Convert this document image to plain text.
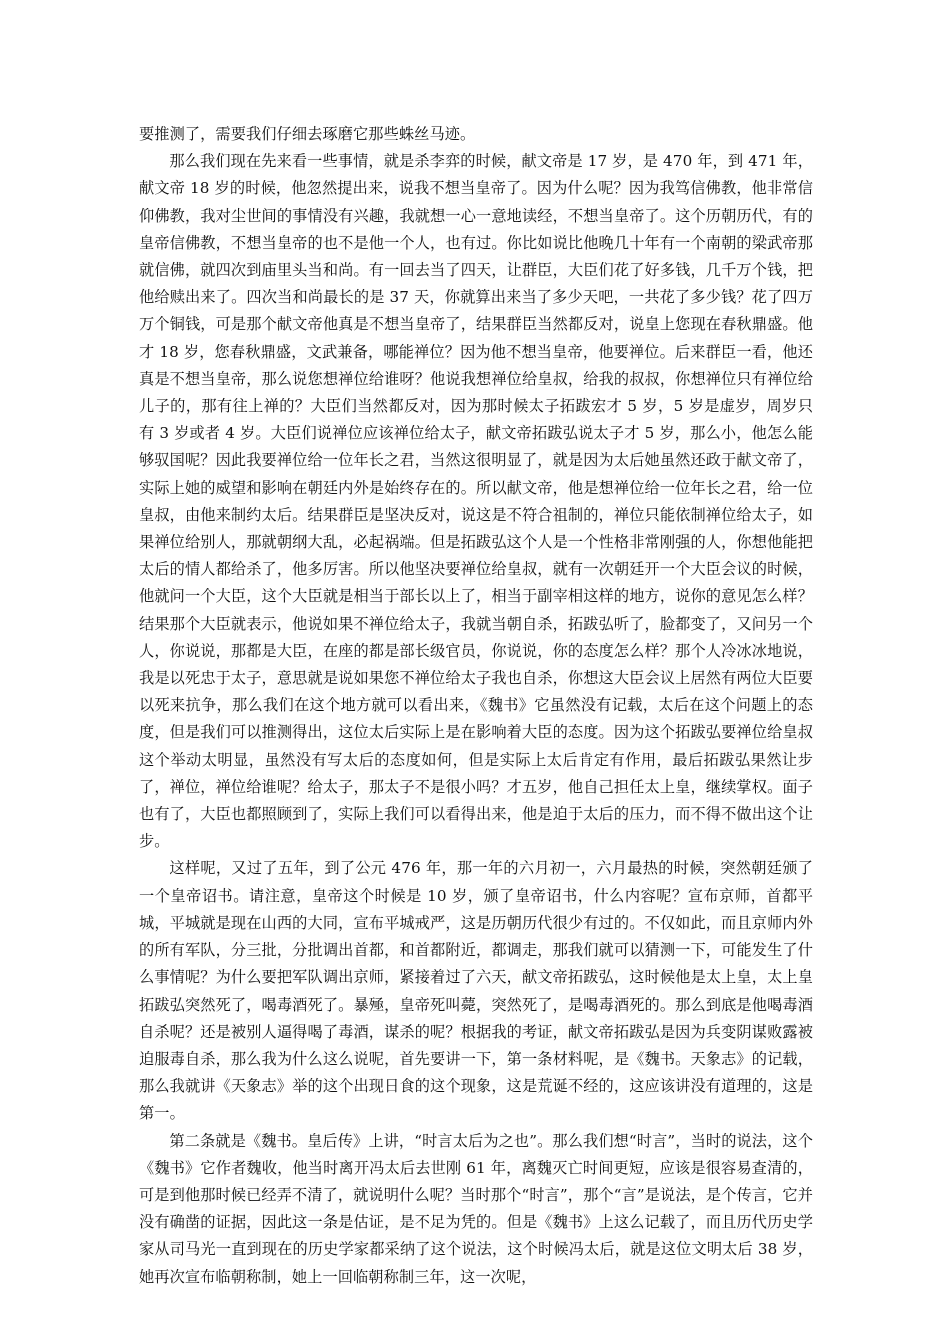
要推测了，需要我们仔细去琢磨它那些蛛丝马迹。

那么我们现在先来看一些事情，就是杀李弈的时候，献文帝是 17 岁，是 470 年，到 471 年，献文帝 18 岁的时候，他忽然提出来，说我不想当皇帝了。因为什么呢？因为我笃信佛教，他非常信仰佛教，我对尘世间的事情没有兴趣，我就想一心一意地读经，不想当皇帝了。这个历朝历代，有的皇帝信佛教，不想当皇帝的也不是他一个人，也有过。你比如说比他晚几十年有一个南朝的梁武帝那就信佛，就四次到庙里头当和尚。有一回去当了四天，让群臣，大臣们花了好多钱，几千万个钱，把他给赎出来了。四次当和尚最长的是 37 天，你就算出来当了多少天吧，一共花了多少钱？花了四万万个铜钱，可是那个献文帝他真是不想当皇帝了，结果群臣当然都反对，说皇上您现在春秋鼎盛。他才 18 岁，您春秋鼎盛，文武兼备，哪能禅位？因为他不想当皇帝，他要禅位。后来群臣一看，他还真是不想当皇帝，那么说您想禅位给谁呀？他说我想禅位给皇叔，给我的叔叔，你想禅位只有禅位给儿子的，那有往上禅的？大臣们当然都反对，因为那时候太子拓跋宏才 5 岁，5 岁是虚岁，周岁只有 3 岁或者 4 岁。大臣们说禅位应该禅位给太子，献文帝拓跋弘说太子才 5 岁，那么小，他怎么能够驭国呢？因此我要禅位给一位年长之君，当然这很明显了，就是因为太后她虽然还政于献文帝了，实际上她的威望和影响在朝廷内外是始终存在的。所以献文帝，他是想禅位给一位年长之君，给一位皇叔，由他来制约太后。结果群臣是坚决反对，说这是不符合祖制的，禅位只能依制禅位给太子，如果禅位给别人，那就朝纲大乱，必起祸端。但是拓跋弘这个人是一个性格非常刚强的人，你想他能把太后的情人都给杀了，他多厉害。所以他坚决要禅位给皇叔，就有一次朝廷开一个大臣会议的时候，他就问一个大臣，这个大臣就是相当于部长以上了，相当于副宰相这样的地方，说你的意见怎么样？结果那个大臣就表示，他说如果不禅位给太子，我就当朝自杀，拓跋弘听了，脸都变了，又问另一个人，你说说，那都是大臣，在座的都是部长级官员，你说说，你的态度怎么样？那个人冷冰冰地说，我是以死忠于太子，意思就是说如果您不禅位给太子我也自杀，你想这大臣会议上居然有两位大臣要以死来抗争，那么我们在这个地方就可以看出来，《魏书》它虽然没有记载，太后在这个问题上的态度，但是我们可以推测得出，这位太后实际上是在影响着大臣的态度。因为这个拓跋弘要禅位给皇叔这个举动太明显，虽然没有写太后的态度如何，但是实际上太后肯定有作用，最后拓跋弘果然让步了，禅位，禅位给谁呢？给太子，那太子不是很小吗？才五岁，他自己担任太上皇，继续掌权。面子也有了，大臣也都照顾到了，实际上我们可以看得出来，他是迫于太后的压力，而不得不做出这个让步。

这样呢，又过了五年，到了公元 476 年，那一年的六月初一，六月最热的时候，突然朝廷颁了一个皇帝诏书。请注意，皇帝这个时候是 10 岁，颁了皇帝诏书，什么内容呢？宣布京师，首都平城，平城就是现在山西的大同，宣布平城戒严，这是历朝历代很少有过的。不仅如此，而且京师内外的所有军队，分三批，分批调出首都，和首都附近，都调走，那我们就可以猜测一下，可能发生了什么事情呢？为什么要把军队调出京师，紧接着过了六天，献文帝拓跋弘，这时候他是太上皇，太上皇拓跋弘突然死了，喝毒酒死了。暴殛，皇帝死叫薨，突然死了，是喝毒酒死的。那么到底是他喝毒酒自杀呢？还是被别人逼得喝了毒酒，谋杀的呢？根据我的考证，献文帝拓跋弘是因为兵变阴谋败露被迫服毒自杀，那么我为什么这么说呢，首先要讲一下，第一条材料呢，是《魏书。天象志》的记载，那么我就讲《天象志》举的这个出现日食的这个现象，这是荒诞不经的，这应该讲没有道理的，这是第一。

第二条就是《魏书。皇后传》上讲，“时言太后为之也”。那么我们想“时言”，当时的说法，这个《魏书》它作者魏收，他当时离开冯太后去世刚 61 年，离魏灭亡时间更短，应该是很容易查清的，可是到他那时候已经弄不清了，就说明什么呢？当时那个“时言”，那个“言”是说法，是个传言，它并没有确凿的证据，因此这一条是估证，是不足为凭的。但是《魏书》上这么记载了，而且历代历史学家从司马光一直到现在的历史学家都采纳了这个说法，这个时候冯太后，就是这位文明太后 38 岁，她再次宣布临朝称制，她上一回临朝称制三年，这一次呢，
